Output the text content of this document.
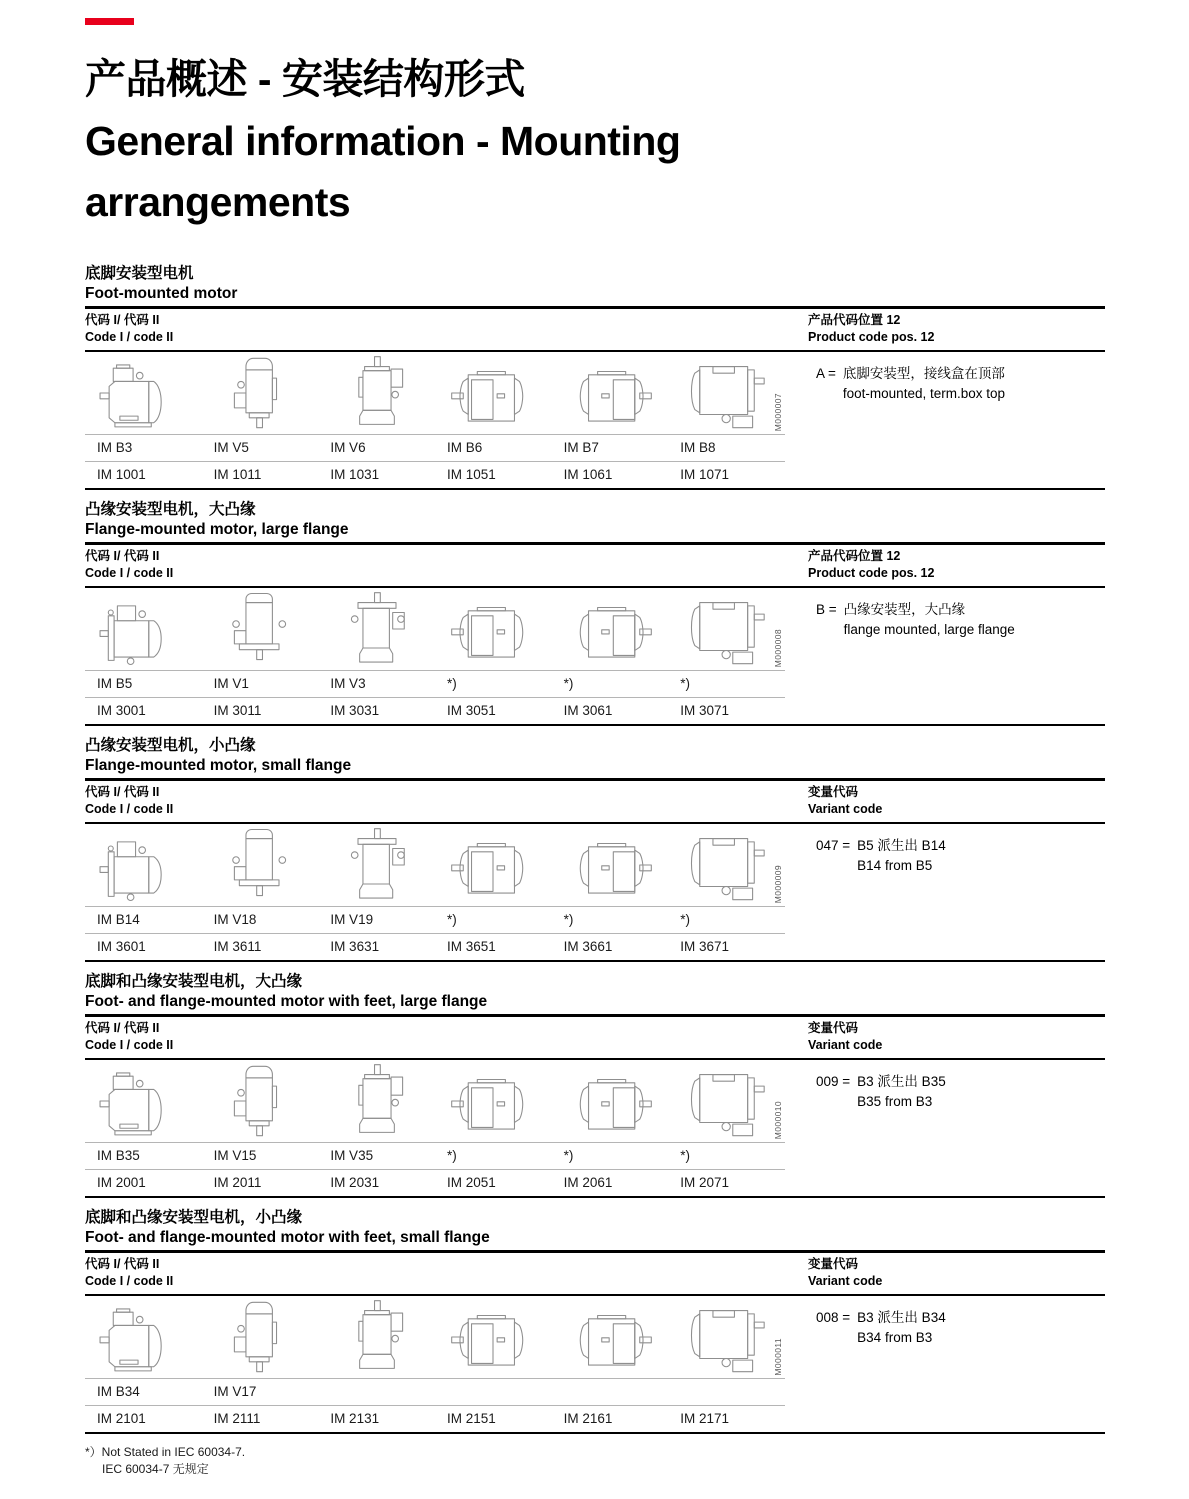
产品概述 - 安装结构形式
General information - Mounting arrangements
底脚安装型电机
Foot-mounted motor
代码 I/ 代码 II
Code I / code II
产品代码位置 12
Product code pos. 12
M000007
IM B3	IM V5	IM V6	IM B6	IM B7	IM B8
IM 1001	IM 1011	IM 1031	IM 1051	IM 1061	IM 1071
A = 底脚安装型，接线盒在顶部
foot-mounted, term.box top
凸缘安装型电机，大凸缘
Flange-mounted motor, large flange
代码 I/ 代码 II
Code I / code II
产品代码位置 12
Product code pos. 12
M000008
IM B5	IM V1	IM V3	*)	*)	*)
IM 3001	IM 3011	IM 3031	IM 3051	IM 3061	IM 3071
B = 凸缘安装型，大凸缘
flange mounted, large flange
凸缘安装型电机，小凸缘
Flange-mounted motor, small flange
代码 I/ 代码 II
Code I / code II
变量代码
Variant code
M000009
IM B14	IM V18	IM V19	*)	*)	*)
IM 3601	IM 3611	IM 3631	IM 3651	IM 3661	IM 3671
047 = B5 派生出 B14
B14 from B5
底脚和凸缘安装型电机，大凸缘
Foot- and flange-mounted motor with feet, large flange
代码 I/ 代码 II
Code I / code II
变量代码
Variant code
M000010
IM B35	IM V15	IM V35	*)	*)	*)
IM 2001	IM 2011	IM 2031	IM 2051	IM 2061	IM 2071
009 = B3 派生出 B35
B35 from B3
底脚和凸缘安装型电机，小凸缘
Foot- and flange-mounted motor with feet, small flange
代码 I/ 代码 II
Code I / code II
变量代码
Variant code
M000011
IM B34	IM V17
IM 2101	IM 2111	IM 2131	IM 2151	IM 2161	IM 2171
008 = B3 派生出 B34
B34 from B3
*）Not Stated in IEC 60034-7.
IEC 60034-7 无规定
